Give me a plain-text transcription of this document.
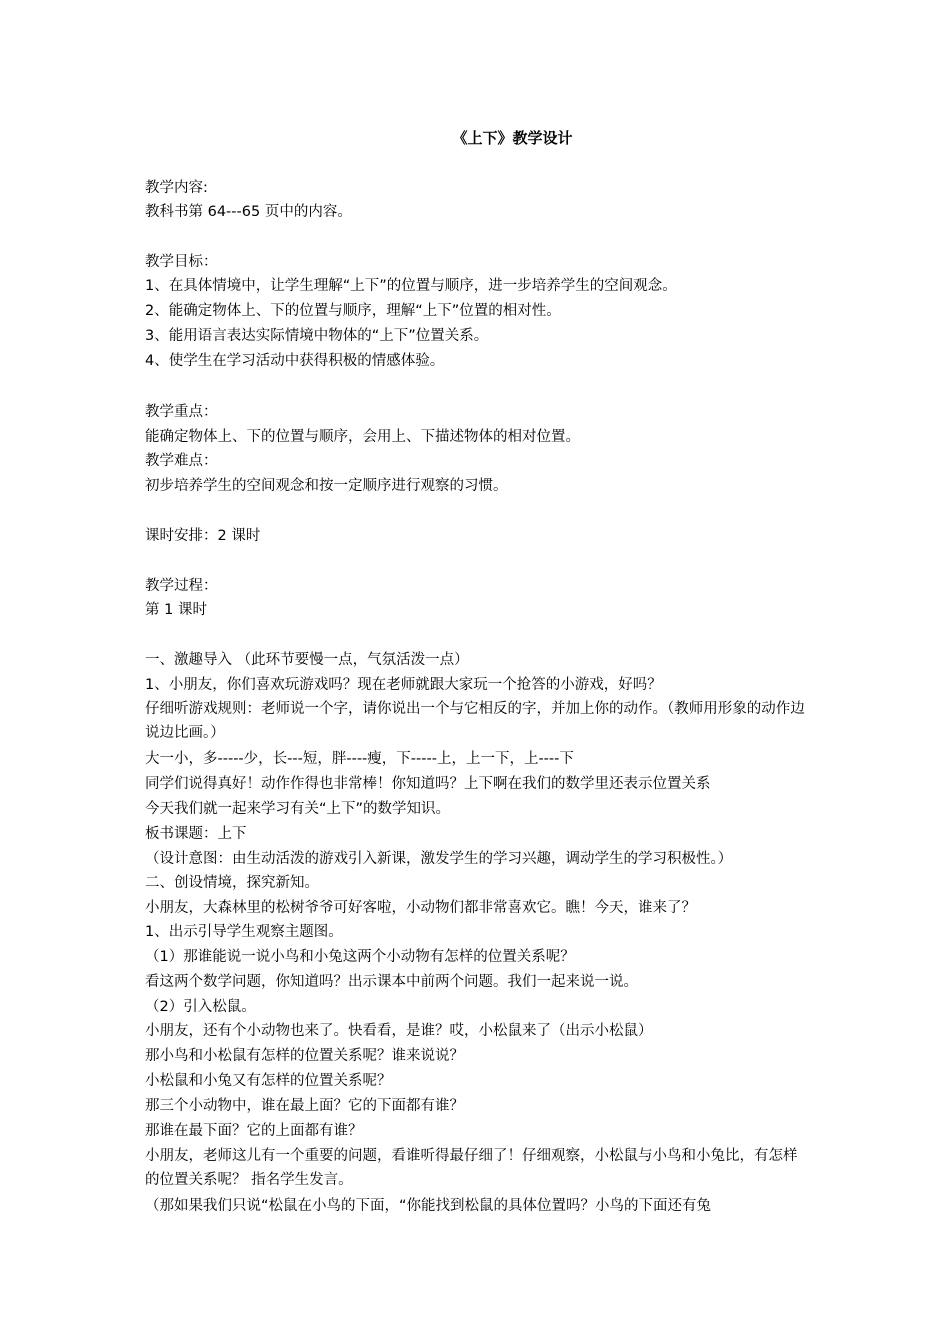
《上下》教学设计
教学内容:
教科书第 64---65 页中的内容。
教学目标：
1、在具体情境中，让学生理解“上下”的位置与顺序，进一步培养学生的空间观念。
2、能确定物体上、下的位置与顺序，理解“上下”位置的相对性。
3、能用语言表达实际情境中物体的“上下”位置关系。
4、使学生在学习活动中获得积极的情感体验。
教学重点：
能确定物体上、下的位置与顺序，会用上、下描述物体的相对位置。
教学难点：
初步培养学生的空间观念和按一定顺序进行观察的习惯。
课时安排：2 课时
教学过程：
第 1 课时
一、激趣导入 （此环节要慢一点，气氛活泼一点）
1、小朋友，你们喜欢玩游戏吗？现在老师就跟大家玩一个抢答的小游戏，好吗？
仔细听游戏规则：老师说一个字，请你说出一个与它相反的字，并加上你的动作。（教师用形象的动作边说边比画。）
大一小，多-----少，长---短，胖----瘦，下-----上，上一下，上----下
同学们说得真好！动作作得也非常棒！你知道吗？上下啊在我们的数学里还表示位置关系
今天我们就一起来学习有关“上下”的数学知识。
板书课题：上下
（设计意图：由生动活泼的游戏引入新课，激发学生的学习兴趣，调动学生的学习积极性。）
二、创设情境，探究新知。
小朋友，大森林里的松树爷爷可好客啦，小动物们都非常喜欢它。瞧！今天，谁来了？
1、出示引导学生观察主题图。
（1）那谁能说一说小鸟和小兔这两个小动物有怎样的位置关系呢？
看这两个数学问题，你知道吗？出示课本中前两个问题。我们一起来说一说。
（2）引入松鼠。
小朋友，还有个小动物也来了。快看看，是谁？哎，小松鼠来了（出示小松鼠）
那小鸟和小松鼠有怎样的位置关系呢？谁来说说？
小松鼠和小兔又有怎样的位置关系呢？
那三个小动物中，谁在最上面？它的下面都有谁？
那谁在最下面？它的上面都有谁？
小朋友，老师这儿有一个重要的问题，看谁听得最仔细了！仔细观察，小松鼠与小鸟和小兔比，有怎样的位置关系呢？ 指名学生发言。
（那如果我们只说“松鼠在小鸟的下面，“你能找到松鼠的具体位置吗？小鸟的下面还有兔
